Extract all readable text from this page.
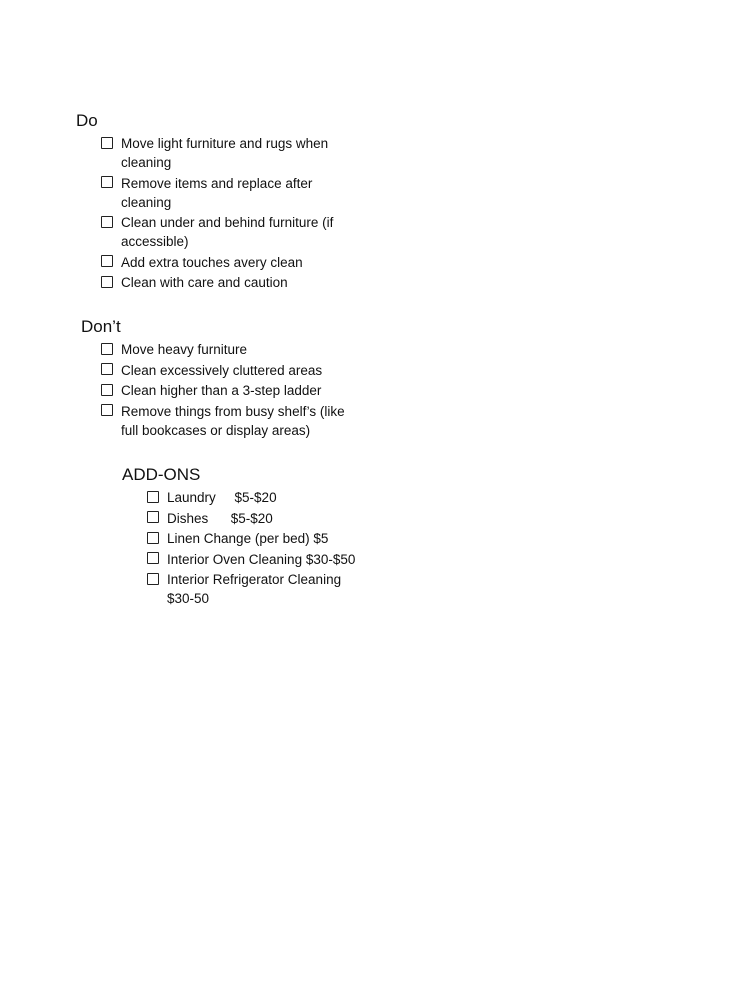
Do
Move light furniture and rugs when cleaning
Remove items and replace after cleaning
Clean under and behind furniture (if accessible)
Add extra touches avery clean
Clean with care and caution
Don’t
Move heavy furniture
Clean excessively cluttered areas
Clean higher than a 3-step ladder
Remove things from busy shelf’s (like full bookcases or display areas)
ADD-ONS
Laundry     $5-$20
Dishes      $5-$20
Linen Change (per bed) $5
Interior Oven Cleaning $30-$50
Interior Refrigerator Cleaning $30-50
